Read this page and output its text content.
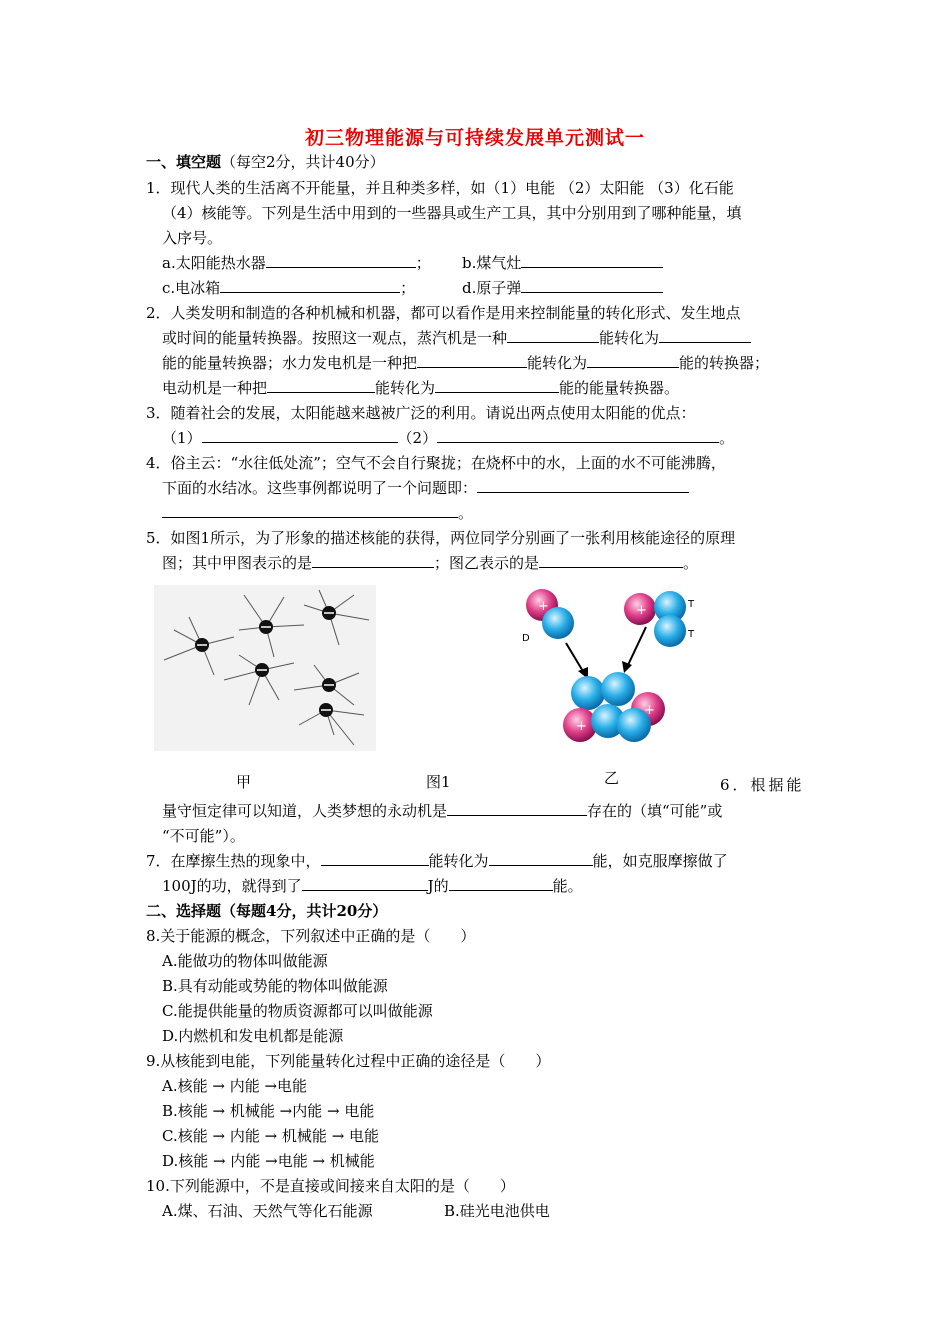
初三物理能源与可持续发展单元测试一
一、填空题（每空2分，共计40分）
1．现代人类的生活离不开能量，并且种类多样，如（1）电能 （2）太阳能 （3）化石能
（4）核能等。下列是生活中用到的一些器具或生产工具，其中分别用到了哪种能量，填
入序号。
a.太阳能热水器	； b.煤气灶
c.电冰箱	；	d.原子弹
2．人类发明和制造的各种机械和机器，都可以看作是用来控制能量的转化形式、发生地点
或时间的能量转换器。按照这一观点，蒸汽机是一种	能转化为
能的能量转换器；水力发电机是一种把	能转化为	能的转换器；
电动机是一种把	能转化为	能的能量转换器。
3．随着社会的发展，太阳能越来越被广泛的利用。请说出两点使用太阳能的优点：
（1）	（2）	。
4．俗主云：“水往低处流”；空气不会自行聚拢；在烧杯中的水，上面的水不可能沸腾，
下面的水结冰。这些事例都说明了一个问题即：
。
5．如图1所示，为了形象的描述核能的获得，两位同学分别画了一张利用核能途径的原理
图；其中甲图表示的是	；图乙表示的是	。
+
D
+	T
T
+
+
甲	图1	乙	6．根据能
量守恒定律可以知道，人类梦想的永动机是	存在的（填“可能”或
“不可能”）。
7．在摩擦生热的现象中，	能转化为	能，如克服摩擦做了
100J的功，就得到了	J的	能。
二、选择题（每题4分，共计20分）
8.关于能源的概念，下列叙述中正确的是（　　）
A.能做功的物体叫做能源
B.具有动能或势能的物体叫做能源
C.能提供能量的物质资源都可以叫做能源
D.内燃机和发电机都是能源
9.从核能到电能，下列能量转化过程中正确的途径是（　　）
A.核能 → 内能 →电能
B.核能 → 机械能 →内能 → 电能
C.核能 → 内能 → 机械能 → 电能
D.核能 → 内能 →电能 → 机械能
10.下列能源中，不是直接或间接来自太阳的是（　　）
A.煤、石油、天然气等化石能源	B.硅光电池供电
